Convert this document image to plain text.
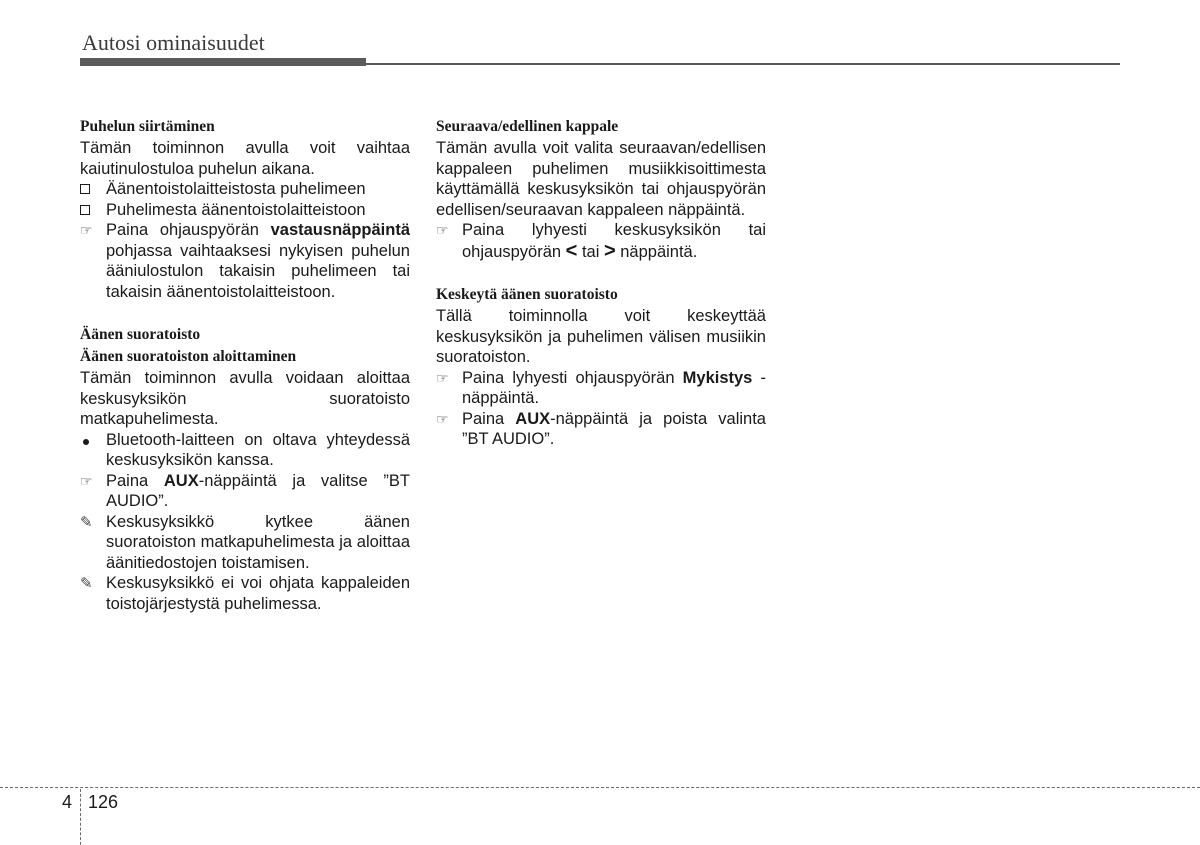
Autosi ominaisuudet
Puhelun siirtäminen

Tämän toiminnon avulla voit vaihtaa kaiutinulostuloa puhelun aikana.

Äänentoistolaitteistosta puhelimeen
Puhelimesta äänentoistolaitteistoon
☞ Paina ohjauspyörän vastausnäppäintä pohjassa vaihtaaksesi nykyisen puhelun ääniulostulon takaisin puhelimeen tai takaisin äänentoistolaitteistoon.
Äänen suoratoisto
Äänen suoratoiston aloittaminen

Tämän toiminnon avulla voidaan aloittaa keskusyksikön suoratoisto matkapuhelimesta.

Bluetooth-laitteen on oltava yhteydessä keskusyksikön kanssa.
☞ Paina AUX-näppäintä ja valitse ”BT AUDIO”.
✎ Keskusyksikkö kytkee äänen suoratoiston matkapuhelimesta ja aloittaa äänitiedostojen toistamisen.
✎ Keskusyksikkö ei voi ohjata kappaleiden toistojärjestystä puhelimessa.
Seuraava/edellinen kappale

Tämän avulla voit valita seuraavan/edellisen kappaleen puhelimen musiikkisoittimesta käyttämällä keskusyksikön tai ohjauspyörän edellisen/seuraavan kappaleen näppäintä.

☞ Paina lyhyesti keskusyksikön tai ohjauspyörän < tai > näppäintä.
Keskeytä äänen suoratoisto

Tällä toiminnolla voit keskeyttää keskusyksikön ja puhelimen välisen musiikin suoratoiston.

☞ Paina lyhyesti ohjauspyörän Mykistys -näppäintä.
☞ Paina AUX-näppäintä ja poista valinta ”BT AUDIO”.
4 126
